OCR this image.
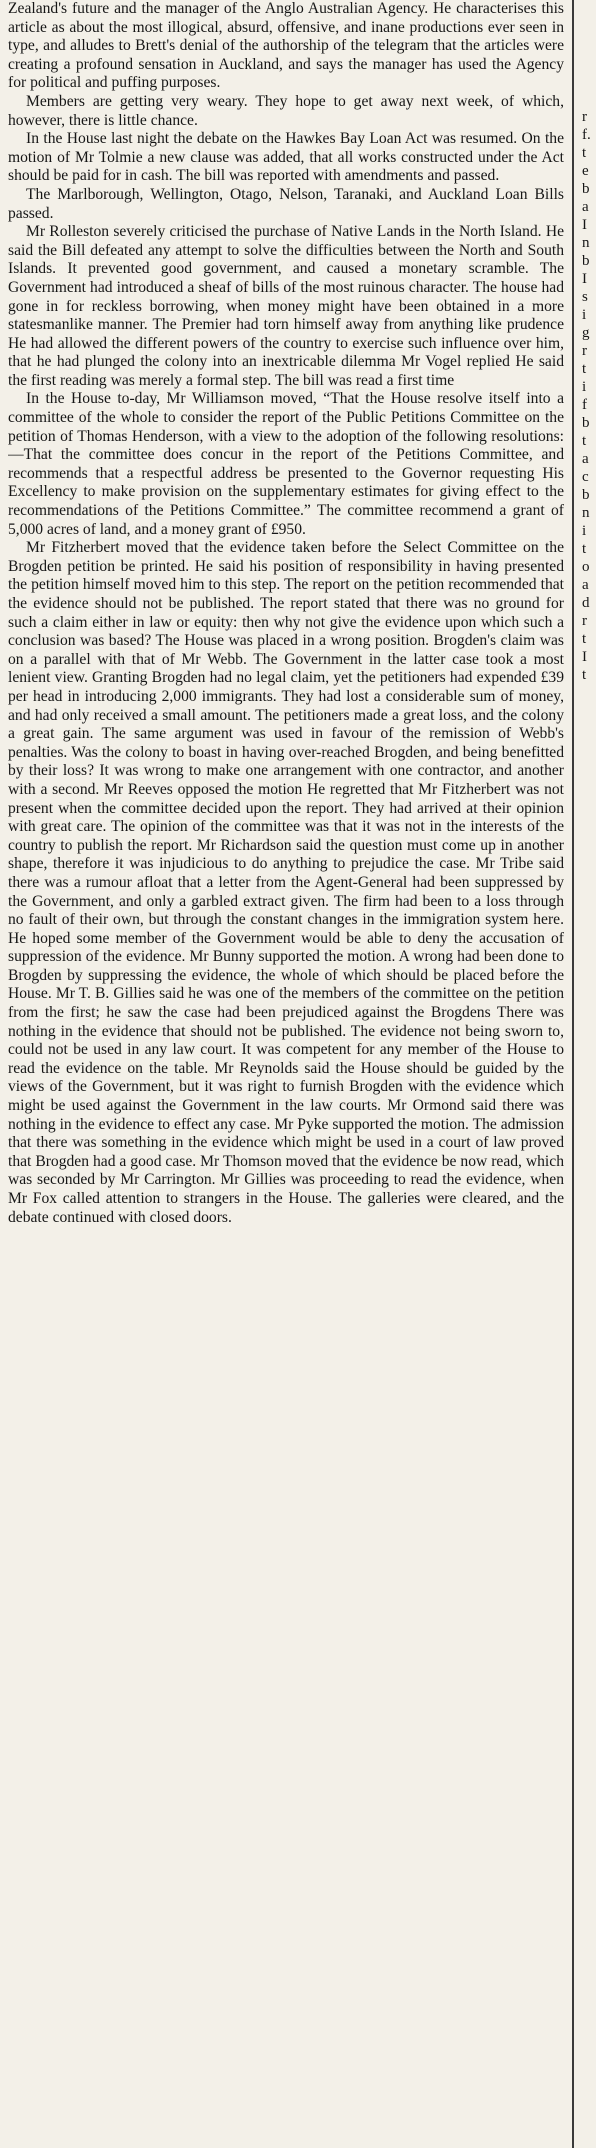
Zealand's future and the manager of the Anglo Australian Agency. He characterises this article as about the most illogical, absurd, offensive, and inane productions ever seen in type, and alludes to Brett's denial of the authorship of the telegram that the articles were creating a profound sensation in Auckland, and says the manager has used the Agency for political and puffing purposes.

Members are getting very weary. They hope to get away next week, of which, however, there is little chance.

In the House last night the debate on the Hawkes Bay Loan Act was resumed. On the motion of Mr Tolmie a new clause was added, that all works constructed under the Act should be paid for in cash. The bill was reported with amendments and passed.

The Marlborough, Wellington, Otago, Nelson, Taranaki, and Auckland Loan Bills passed.

Mr Rolleston severely criticised the purchase of Native Lands in the North Island. He said the Bill defeated any attempt to solve the difficulties between the North and South Islands. It prevented good government, and caused a monetary scramble. The Government had introduced a sheaf of bills of the most ruinous character. The house had gone in for reckless borrowing, when money might have been obtained in a more statesmanlike manner. The Premier had torn himself away from anything like prudence He had allowed the different powers of the country to exercise such influence over him, that he had plunged the colony into an inextricable dilemma Mr Vogel replied He said the first reading was merely a formal step. The bill was read a first time

In the House to-day, Mr Williamson moved, “That the House resolve itself into a committee of the whole to consider the report of the Public Petitions Committee on the petition of Thomas Henderson, with a view to the adoption of the following resolutions:—That the committee does concur in the report of the Petitions Committee, and recommends that a respectful address be presented to the Governor requesting His Excellency to make provision on the supplementary estimates for giving effect to the recommendations of the Petitions Committee.” The committee recommend a grant of 5,000 acres of land, and a money grant of £950.

Mr Fitzherbert moved that the evidence taken before the Select Committee on the Brogden petition be printed. He said his position of responsibility in having presented the petition himself moved him to this step. The report on the petition recommended that the evidence should not be published. The report stated that there was no ground for such a claim either in law or equity: then why not give the evidence upon which such a conclusion was based? The House was placed in a wrong position. Brogden's claim was on a parallel with that of Mr Webb. The Government in the latter case took a most lenient view. Granting Brogden had no legal claim, yet the petitioners had expended £39 per head in introducing 2,000 immigrants. They had lost a considerable sum of money, and had only received a small amount. The petitioners made a great loss, and the colony a great gain. The same argument was used in favour of the remission of Webb's penalties. Was the colony to boast in having over-reached Brogden, and being benefitted by their loss? It was wrong to make one arrangement with one contractor, and another with a second. Mr Reeves opposed the motion He regretted that Mr Fitzherbert was not present when the committee decided upon the report. They had arrived at their opinion with great care. The opinion of the committee was that it was not in the interests of the country to publish the report. Mr Richardson said the question must come up in another shape, therefore it was injudicious to do anything to prejudice the case. Mr Tribe said there was a rumour afloat that a letter from the Agent-General had been suppressed by the Government, and only a garbled extract given. The firm had been to a loss through no fault of their own, but through the constant changes in the immigration system here. He hoped some member of the Government would be able to deny the accusation of suppression of the evidence. Mr Bunny supported the motion. A wrong had been done to Brogden by suppressing the evidence, the whole of which should be placed before the House. Mr T. B. Gillies said he was one of the members of the committee on the petition from the first; he saw the case had been prejudiced against the Brogdens There was nothing in the evidence that should not be published. The evidence not being sworn to, could not be used in any law court. It was competent for any member of the House to read the evidence on the table. Mr Reynolds said the House should be guided by the views of the Government, but it was right to furnish Brogden with the evidence which might be used against the Government in the law courts. Mr Ormond said there was nothing in the evidence to effect any case. Mr Pyke supported the motion. The admission that there was something in the evidence which might be used in a court of law proved that Brogden had a good case. Mr Thomson moved that the evidence be now read, which was seconded by Mr Carrington. Mr Gillies was proceeding to read the evidence, when Mr Fox called attention to strangers in the House. The galleries were cleared, and the debate continued with closed doors.

r
f.
t
e
b
a
I
n
b
I
s
i
g
r
t
i
f
b
t
a
c
b
n
i
t
o
a
d
r
t
I
t
